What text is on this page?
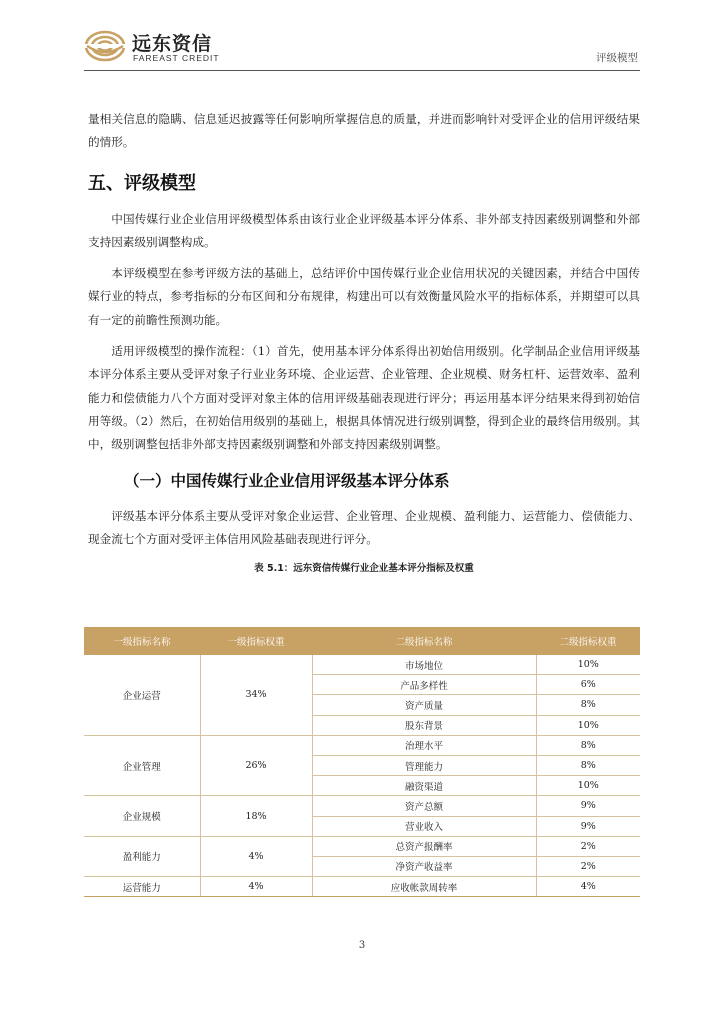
远东资信
FAREAST CREDIT	评级模型

量相关信息的隐瞒、信息延迟披露等任何影响所掌握信息的质量，并进而影响针对受评企业的信用评级结果的情形。

五、评级模型

中国传媒行业企业信用评级模型体系由该行业企业评级基本评分体系、非外部支持因素级别调整和外部支持因素级别调整构成。

本评级模型在参考评级方法的基础上，总结评价中国传媒行业企业信用状况的关键因素，并结合中国传媒行业的特点，参考指标的分布区间和分布规律，构建出可以有效衡量风险水平的指标体系，并期望可以具有一定的前瞻性预测功能。

适用评级模型的操作流程：（1）首先，使用基本评分体系得出初始信用级别。化学制品企业信用评级基本评分体系主要从受评对象子行业业务环境、企业运营、企业管理、企业规模、财务杠杆、运营效率、盈利能力和偿债能力八个方面对受评对象主体的信用评级基础表现进行评分；再运用基本评分结果来得到初始信用等级。（2）然后，在初始信用级别的基础上，根据具体情况进行级别调整，得到企业的最终信用级别。其中，级别调整包括非外部支持因素级别调整和外部支持因素级别调整。

（一）中国传媒行业企业信用评级基本评分体系

评级基本评分体系主要从受评对象企业运营、企业管理、企业规模、盈利能力、运营能力、偿债能力、现金流七个方面对受评主体信用风险基础表现进行评分。

表 5.1：远东资信传媒行业企业基本评分指标及权重
一级指标名称	一级指标权重	二级指标名称	二级指标权重
企业运营	34%	市场地位	10%
		产品多样性	6%
		资产质量	8%
		股东背景	10%
企业管理	26%	治理水平	8%
		管理能力	8%
		融资渠道	10%
企业规模	18%	资产总额	9%
		营业收入	9%
盈利能力	4%	总资产报酬率	2%
		净资产收益率	2%
运营能力	4%	应收帐款周转率	4%
3
